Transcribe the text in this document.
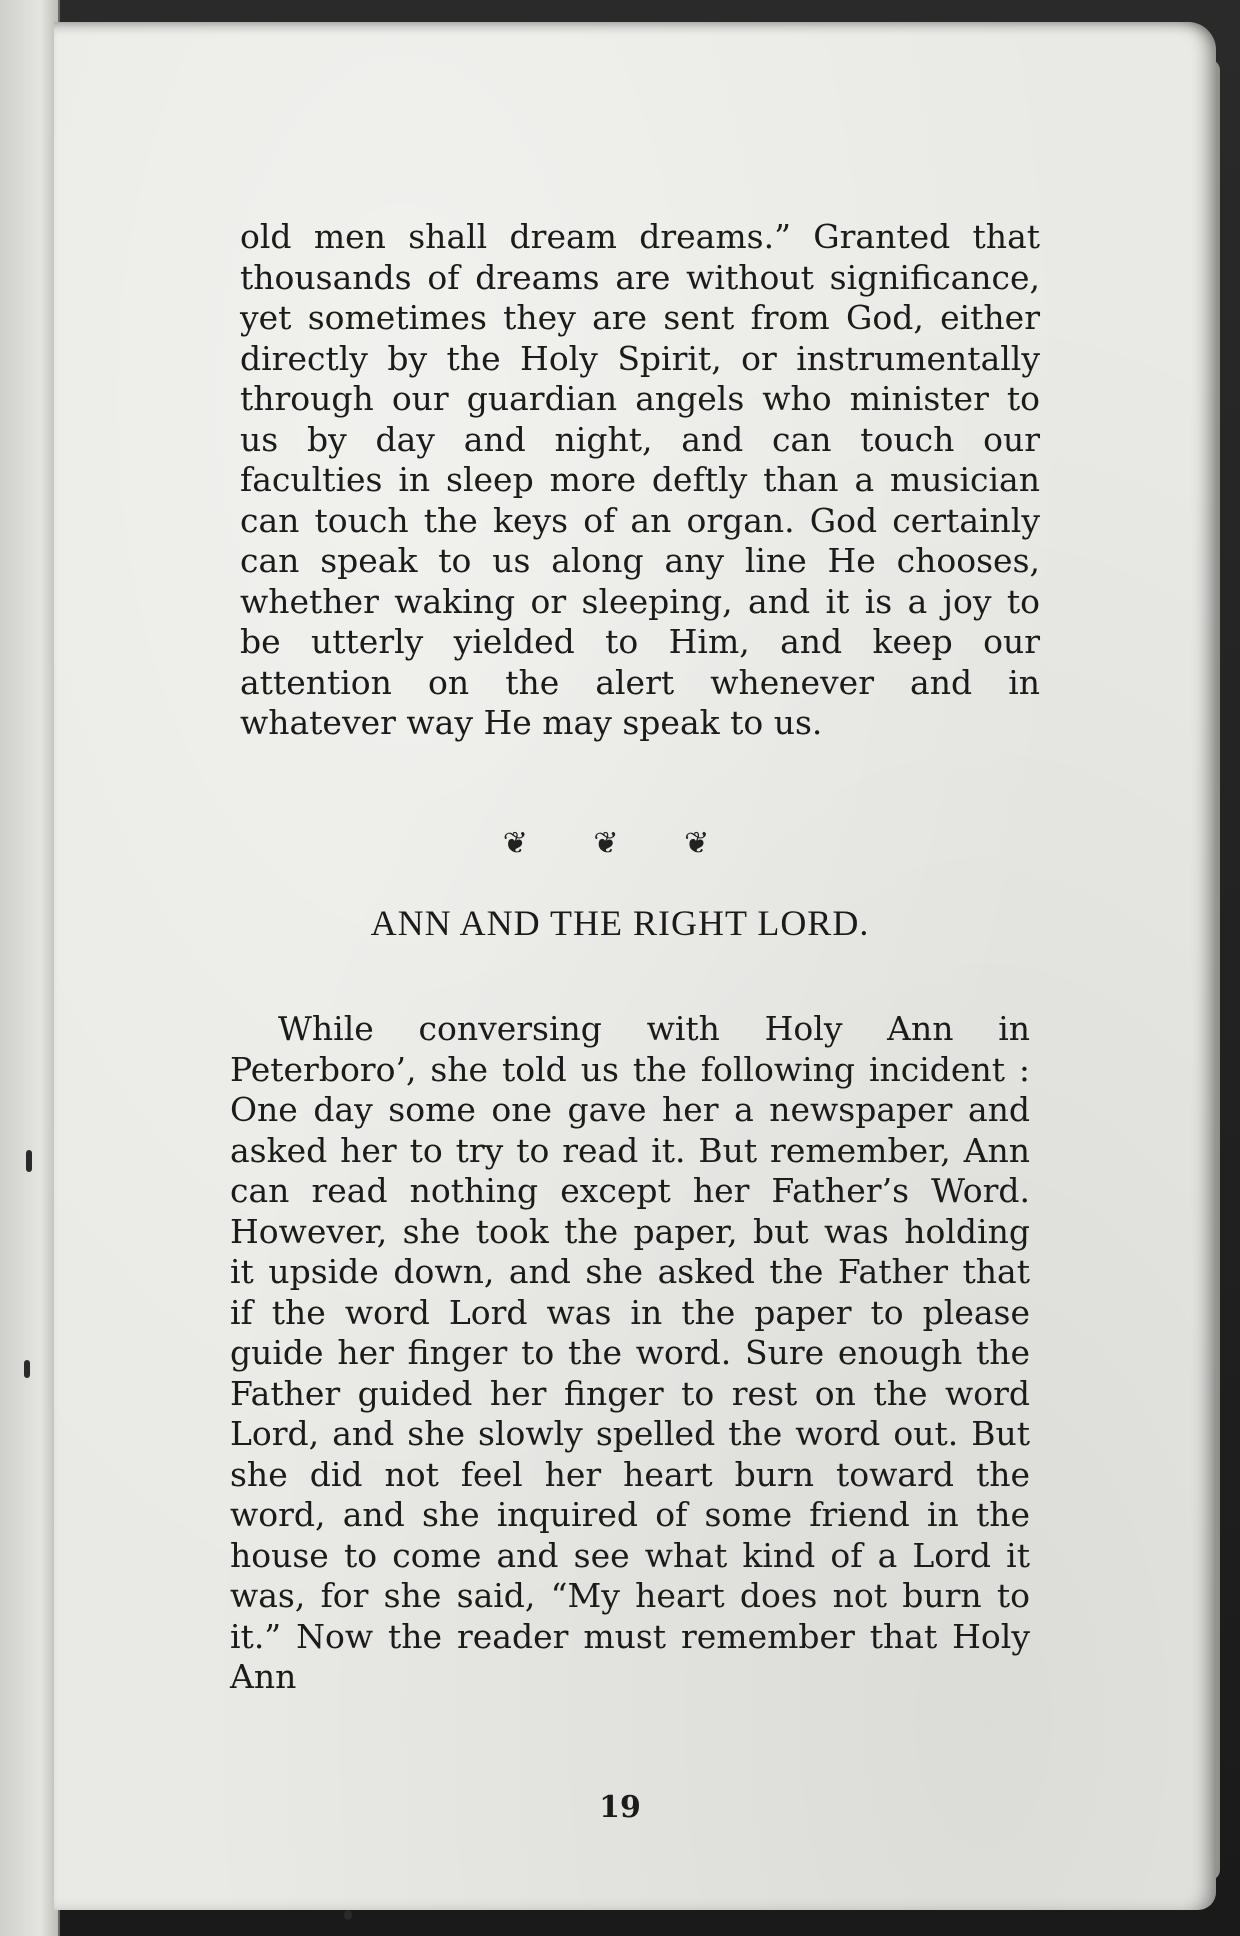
old men shall dream dreams.” Granted that thousands of dreams are without significance, yet sometimes they are sent from God, either directly by the Holy Spirit, or instrumentally through our guardian angels who minister to us by day and night, and can touch our faculties in sleep more deftly than a musician can touch the keys of an organ. God certainly can speak to us along any line He chooses, whether waking or sleeping, and it is a joy to be utterly yielded to Him, and keep our attention on the alert whenever and in whatever way He may speak to us.

❦ ❦ ❦
ANN AND THE RIGHT LORD.

While conversing with Holy Ann in Peterboro’, she told us the following incident : One day some one gave her a newspaper and asked her to try to read it. But remember, Ann can read nothing except her Father’s Word. However, she took the paper, but was holding it upside down, and she asked the Father that if the word Lord was in the paper to please guide her finger to the word. Sure enough the Father guided her finger to rest on the word Lord, and she slowly spelled the word out. But she did not feel her heart burn toward the word, and she inquired of some friend in the house to come and see what kind of a Lord it was, for she said, “My heart does not burn to it.” Now the reader must remember that Holy Ann

19
